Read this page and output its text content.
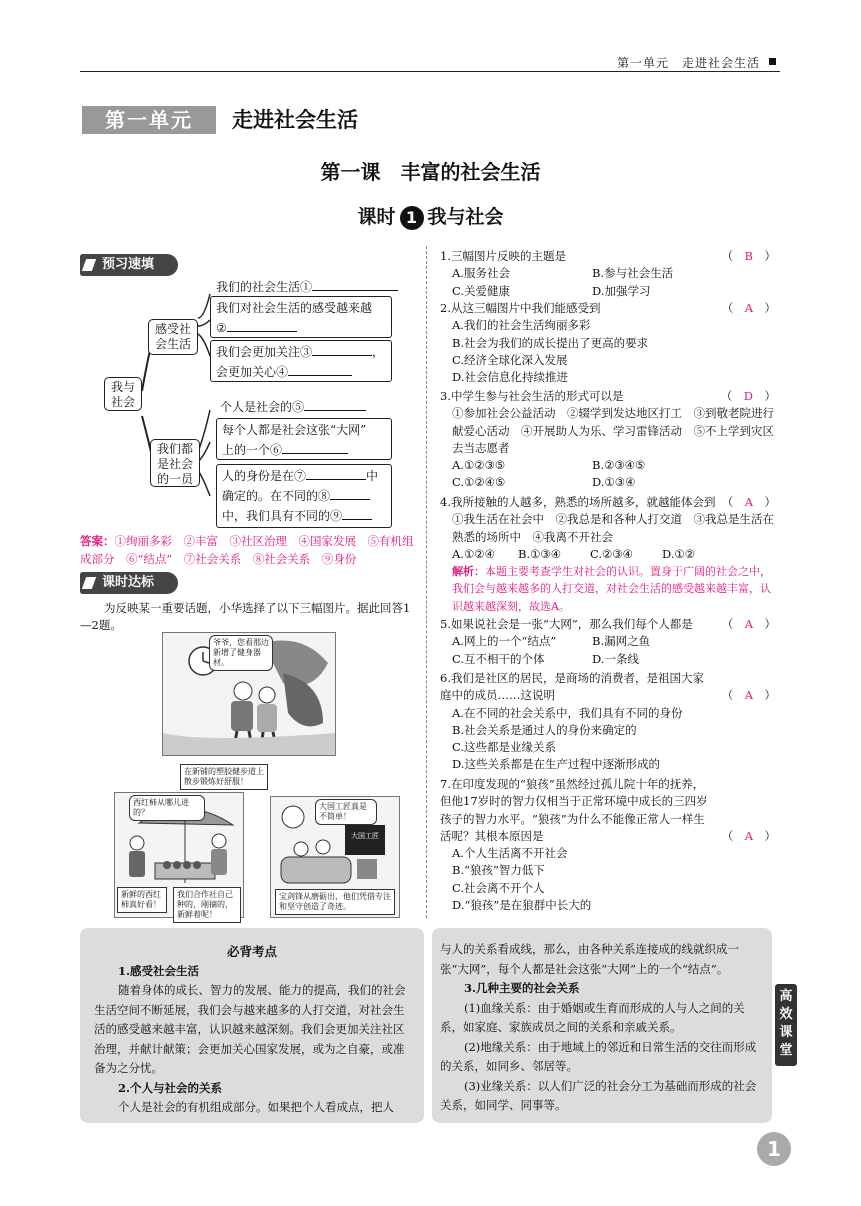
第一单元　走进社会生活
第一单元	走进社会生活
第一课　丰富的社会生活
课时 1 我与社会
预习速填
我与社会
感受社会生活
我们都是社会的一员
我们的社会生活①
我们对社会生活的感受越来越
②
我们会更加关注③	，
会更加关心④
个人是社会的⑤
每个人都是社会这张“大网”
上的一个⑥
人的身份是在⑦	中
确定的。在不同的⑧
中，我们具有不同的⑨
答案：①绚丽多彩　②丰富　③社区治理　④国家发展　⑤有机组成部分　⑥“结点”　⑦社会关系　⑧社会关系　⑨身份
课时达标
为反映某一重要话题，小华选择了以下三幅图片。据此回答1—2题。
爷爷，您看那边新增了健身器材。
在新铺的塑胶健步道上散步锻炼好舒服！
西红柿从哪儿进的？
新鲜的西红柿真好看！
我们合作社自己种的，刚摘的，新鲜着呢！
大国工匠
大国工匠真是不简单！
宝剑锋从磨砺出，他们凭借专注和坚守创造了奇迹。
1.三幅图片反映的主题是	（　B　）
A.服务社会	B.参与社会生活
C.关爱健康	D.加强学习
2.从这三幅图片中我们能感受到	（　A　）
A.我们的社会生活绚丽多彩
B.社会为我们的成长提出了更高的要求
C.经济全球化深入发展
D.社会信息化持续推进
3.中学生参与社会生活的形式可以是	（　D　）
①参加社会公益活动　②辍学到发达地区打工　③到敬老院进行献爱心活动　④开展助人为乐、学习雷锋活动　⑤不上学到灾区去当志愿者
A.①②③⑤	B.②③④⑤
C.①②④⑤	D.①③④
4.我所接触的人越多，熟悉的场所越多，就越能体会到 （　A　）
①我生活在社会中　②我总是和各种人打交道　③我总是生活在熟悉的场所中　④我离不开社会
A.①②④ B.①③④	C.②③④	D.①②
解析：本题主要考查学生对社会的认识。置身于广阔的社会之中，我们会与越来越多的人打交道，对社会生活的感受越来越丰富，认识越来越深刻，故选A。
5.如果说社会是一张“大网”，那么我们每个人都是	（　A　）
A.网上的一个“结点”	B.漏网之鱼
C.互不相干的个体	D.一条线
6.我们是社区的居民，是商场的消费者，是祖国大家庭中的成员……这说明	（　A　）
A.在不同的社会关系中，我们具有不同的身份
B.社会关系是通过人的身份来确定的
C.这些都是业缘关系
D.这些关系都是在生产过程中逐渐形成的
7.在印度发现的“狼孩”虽然经过孤儿院十年的抚养，但他17岁时的智力仅相当于正常环境中成长的三四岁孩子的智力水平。“狼孩”为什么不能像正常人一样生活呢？其根本原因是	（　A　）
A.个人生活离不开社会
B.“狼孩”智力低下
C.社会离不开个人
D.“狼孩”是在狼群中长大的
必背考点
1.感受社会生活
随着身体的成长、智力的发展、能力的提高，我们的社会生活空间不断延展，我们会与越来越多的人打交道，对社会生活的感受越来越丰富，认识越来越深刻。我们会更加关注社区治理，并献计献策；会更加关心国家发展，或为之自豪，或准备为之分忧。
2.个人与社会的关系
个人是社会的有机组成部分。如果把个人看成点，把人
与人的关系看成线，那么，由各种关系连接成的线就织成一张“大网”，每个人都是社会这张“大网”上的一个“结点”。
3.几种主要的社会关系
(1)血缘关系：由于婚姻或生育而形成的人与人之间的关系，如家庭、家族成员之间的关系和亲戚关系。
(2)地缘关系：由于地域上的邻近和日常生活的交往而形成的关系，如同乡、邻居等。
(3)业缘关系：以人们广泛的社会分工为基础而形成的社会关系，如同学、同事等。
高效课堂
1
